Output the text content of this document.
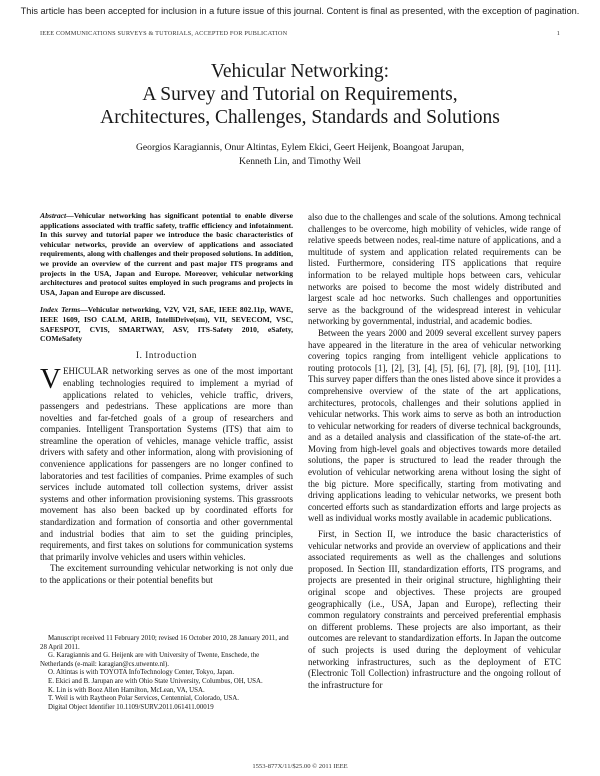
This article has been accepted for inclusion in a future issue of this journal. Content is final as presented, with the exception of pagination.
IEEE COMMUNICATIONS SURVEYS & TUTORIALS, ACCEPTED FOR PUBLICATION	1
Vehicular Networking:
A Survey and Tutorial on Requirements,
Architectures, Challenges, Standards and Solutions
Georgios Karagiannis, Onur Altintas, Eylem Ekici, Geert Heijenk, Boangoat Jarupan,
Kenneth Lin, and Timothy Weil

Abstract—Vehicular networking has significant potential to enable diverse applications associated with traffic safety, traffic efficiency and infotainment. In this survey and tutorial paper we introduce the basic characteristics of vehicular networks, provide an overview of applications and associated requirements, along with challenges and their proposed solutions. In addition, we provide an overview of the current and past major ITS programs and projects in the USA, Japan and Europe. Moreover, vehicular networking architectures and protocol suites employed in such programs and projects in USA, Japan and Europe are discussed.

Index Terms—Vehicular networking, V2V, V2I, SAE, IEEE 802.11p, WAVE, IEEE 1609, ISO CALM, ARIB, IntelliDrive(sm), VII, SEVECOM, VSC, SAFESPOT, CVIS, SMARTWAY, ASV, ITS-Safety 2010, eSafety, COMeSafety

I. Introduction

VEHICULAR networking serves as one of the most important enabling technologies required to implement a myriad of applications related to vehicles, vehicle traffic, drivers, passengers and pedestrians. These applications are more than novelties and far-fetched goals of a group of researchers and companies. Intelligent Transportation Systems (ITS) that aim to streamline the operation of vehicles, manage vehicle traffic, assist drivers with safety and other information, along with provisioning of convenience applications for passengers are no longer confined to laboratories and test facilities of companies. Prime examples of such services include automated toll collection systems, driver assist systems and other information provisioning systems. This grassroots movement has also been backed up by coordinated efforts for standardization and formation of consortia and other governmental and industrial bodies that aim to set the guiding principles, requirements, and first takes on solutions for communication systems that primarily involve vehicles and users within vehicles.

The excitement surrounding vehicular networking is not only due to the applications or their potential benefits but

Manuscript received 11 February 2010; revised 16 October 2010, 28 January 2011, and 28 April 2011.

G. Karagiannis and G. Heijenk are with University of Twente, Enschede, the Netherlands (e-mail: karagian@cs.utwente.nl).

O. Altintas is with TOYOTA InfoTechnology Center, Tokyo, Japan.

E. Ekici and B. Jarupan are with Ohio State University, Columbus, OH, USA.

K. Lin is with Booz Allen Hamilton, McLean, VA, USA.

T. Weil is with Raytheon Polar Services, Centennial, Colorado, USA.

Digital Object Identifier 10.1109/SURV.2011.061411.00019

also due to the challenges and scale of the solutions. Among technical challenges to be overcome, high mobility of vehicles, wide range of relative speeds between nodes, real-time nature of applications, and a multitude of system and application related requirements can be listed. Furthermore, considering ITS applications that require information to be relayed multiple hops between cars, vehicular networks are poised to become the most widely distributed and largest scale ad hoc networks. Such challenges and opportunities serve as the background of the widespread interest in vehicular networking by governmental, industrial, and academic bodies.

Between the years 2000 and 2009 several excellent survey papers have appeared in the literature in the area of vehicular networking covering topics ranging from intelligent vehicle applications to routing protocols [1], [2], [3], [4], [5], [6], [7], [8], [9], [10], [11]. This survey paper differs than the ones listed above since it provides a comprehensive overview of the state of the art applications, architectures, protocols, challenges and their solutions applied in vehicular networks. This work aims to serve as both an introduction to vehicular networking for readers of diverse technical backgrounds, and as a detailed analysis and classification of the state-of-the art. Moving from high-level goals and objectives towards more detailed solutions, the paper is structured to lead the reader through the evolution of vehicular networking arena without losing the sight of the big picture. More specifically, starting from motivating and driving applications leading to vehicular networks, we present both concerted efforts such as standardization efforts and large projects as well as individual works mostly available in academic publications.

First, in Section II, we introduce the basic characteristics of vehicular networks and provide an overview of applications and their associated requirements as well as the challenges and solutions proposed. In Section III, standardization efforts, ITS programs, and projects are presented in their original structure, highlighting their original scope and objectives. These projects are grouped geographically (i.e., USA, Japan and Europe), reflecting their common regulatory constraints and perceived preferential emphasis on different problems. These projects are also important, as their outcomes are relevant to standardization efforts. In Japan the outcome of such projects is used during the deployment of vehicular networking infrastructures, such as the deployment of ETC (Electronic Toll Collection) infrastructure and the ongoing rollout of the infrastructure for

1553-877X/11/$25.00 © 2011 IEEE
